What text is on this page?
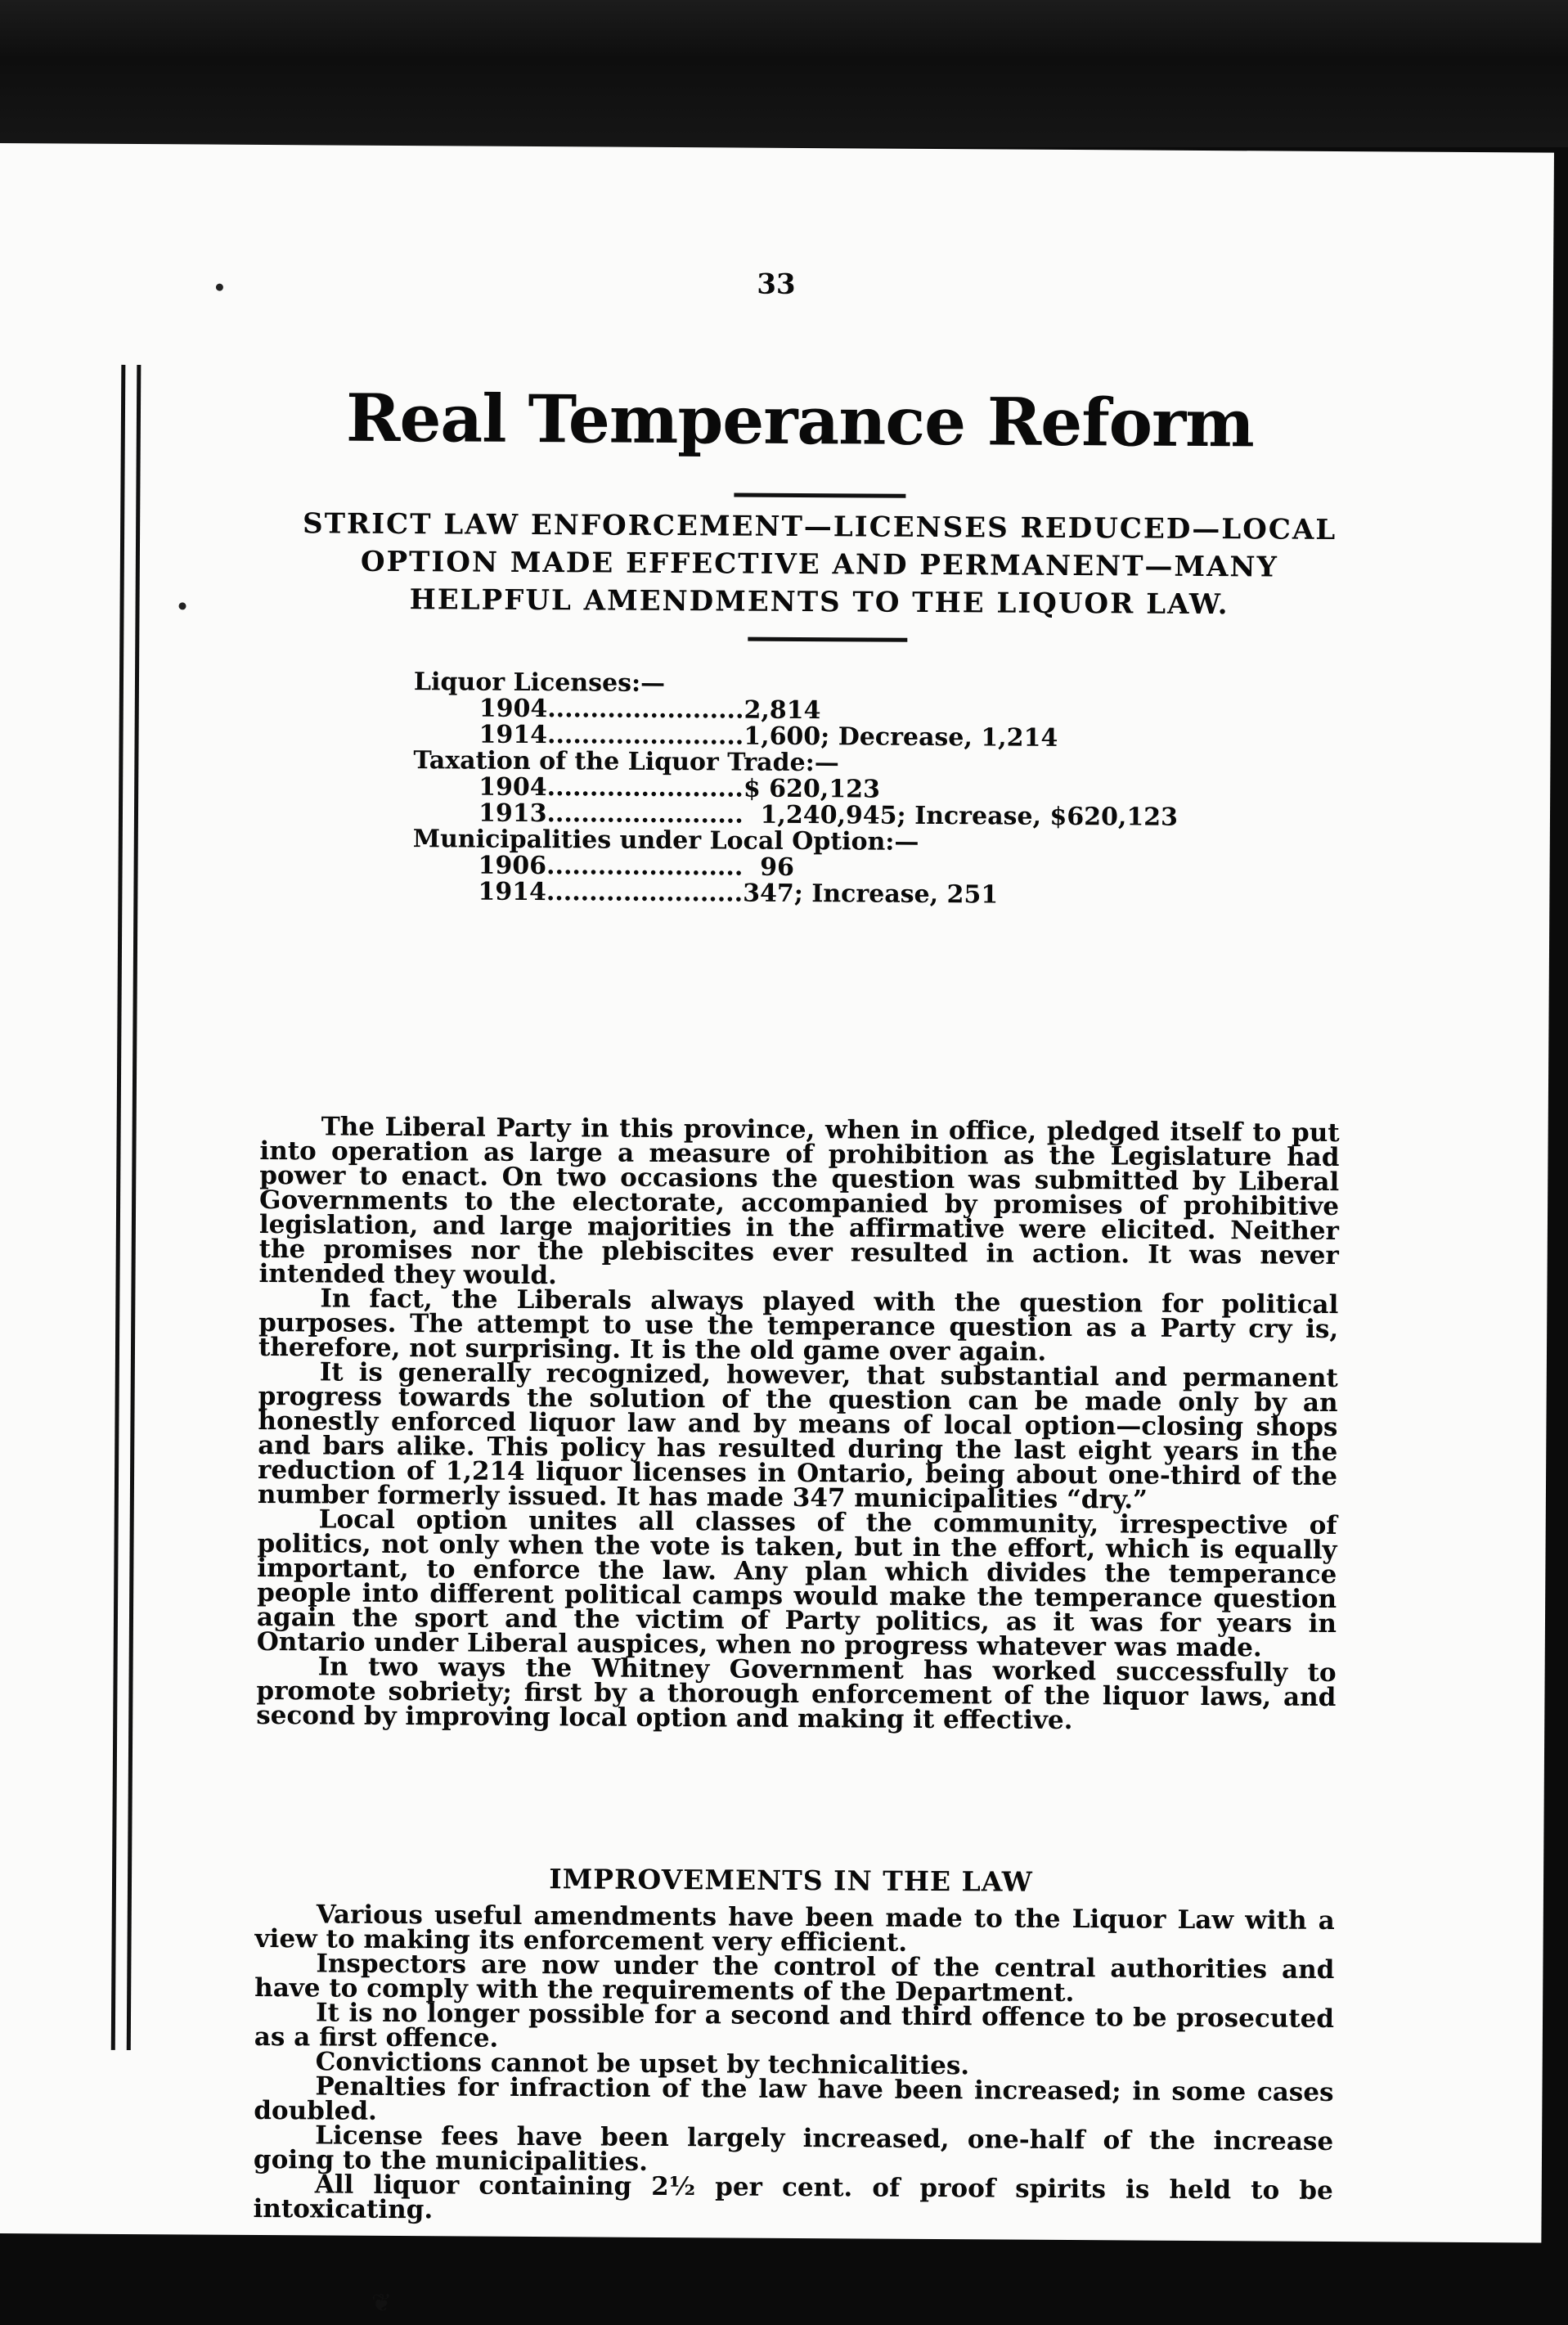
33
Real Temperance Reform
STRICT LAW ENFORCEMENT—LICENSES REDUCED—LOCAL OPTION MADE EFFECTIVE AND PERMANENT—MANY HELPFUL AMENDMENTS TO THE LIQUOR LAW.
Liquor Licenses:—
1904.......................2,814
1914.......................1,600; Decrease, 1,214
Taxation of the Liquor Trade:—
1904.......................$ 620,123
1913.......................  1,240,945; Increase, $620,123
Municipalities under Local Option:—
1906.......................  96
1914.......................347; Increase, 251

The Liberal Party in this province, when in office, pledged itself to put into operation as large a measure of prohibition as the Legislature had power to enact. On two occasions the question was submitted by Liberal Governments to the electorate, accompanied by promises of prohibitive legislation, and large majorities in the affirmative were elicited. Neither the promises nor the plebiscites ever resulted in action. It was never intended they would.

In fact, the Liberals always played with the question for political purposes. The attempt to use the temperance question as a Party cry is, therefore, not surprising. It is the old game over again.

It is generally recognized, however, that substantial and permanent progress towards the solution of the question can be made only by an honestly enforced liquor law and by means of local option—closing shops and bars alike. This policy has resulted during the last eight years in the reduction of 1,214 liquor licenses in Ontario, being about one-third of the number formerly issued. It has made 347 municipalities “dry.”

Local option unites all classes of the community, irrespective of politics, not only when the vote is taken, but in the effort, which is equally important, to enforce the law. Any plan which divides the temperance people into different political camps would make the temperance question again the sport and the victim of Party politics, as it was for years in Ontario under Liberal auspices, when no progress whatever was made.

In two ways the Whitney Government has worked successfully to promote sobriety; first by a thorough enforcement of the liquor laws, and second by improving local option and making it effective.

IMPROVEMENTS IN THE LAW

Various useful amendments have been made to the Liquor Law with a view to making its enforcement very efficient.

Inspectors are now under the control of the central authorities and have to comply with the requirements of the Department.

It is no longer possible for a second and third offence to be prosecuted as a first offence.

Convictions cannot be upset by technicalities.

Penalties for infraction of the law have been increased; in some cases doubled.

License fees have been largely increased, one-half of the increase going to the municipalities.

All liquor containing 2½ per cent. of proof spirits is held to be intoxicating.

❦
